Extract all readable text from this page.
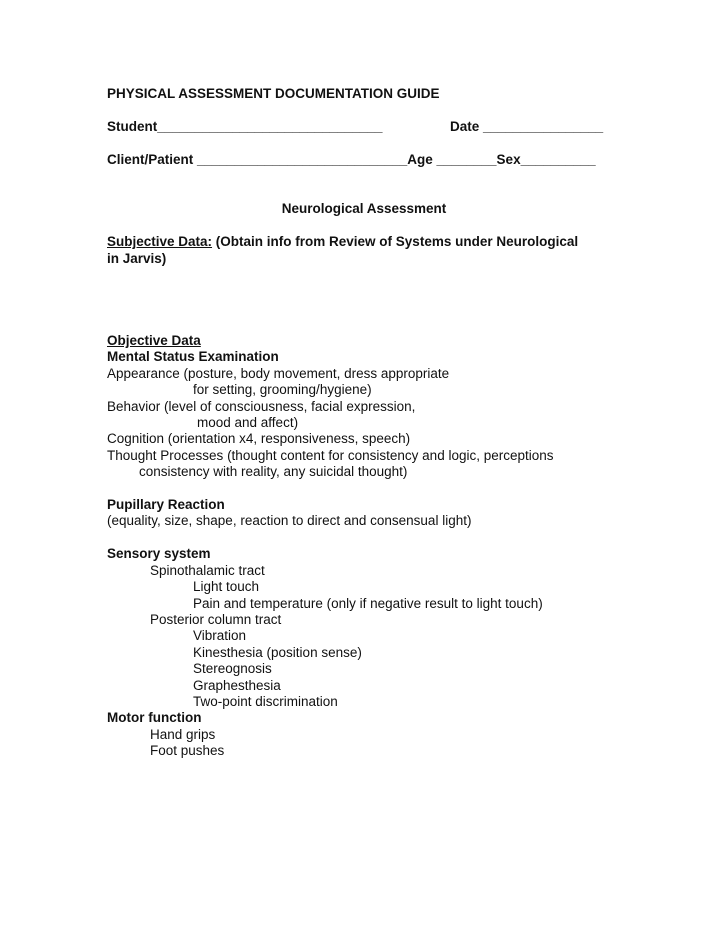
PHYSICAL ASSESSMENT DOCUMENTATION GUIDE
Student______________________________	Date ________________
Client/Patient ____________________________Age ________Sex__________
Neurological Assessment
Subjective Data: (Obtain info from Review of Systems under Neurological
in Jarvis)
Objective Data
Mental Status Examination
Appearance (posture, body movement, dress appropriate
for setting, grooming/hygiene)
Behavior (level of consciousness, facial expression,
mood and affect)
Cognition (orientation x4, responsiveness, speech)
Thought Processes (thought content for consistency and logic, perceptions
consistency with reality, any suicidal thought)
Pupillary Reaction
(equality, size, shape, reaction to direct and consensual light)
Sensory system
Spinothalamic tract
Light touch
Pain and temperature (only if negative result to light touch)
Posterior column tract
Vibration
Kinesthesia (position sense)
Stereognosis
Graphesthesia
Two-point discrimination
Motor function
Hand grips
Foot pushes
